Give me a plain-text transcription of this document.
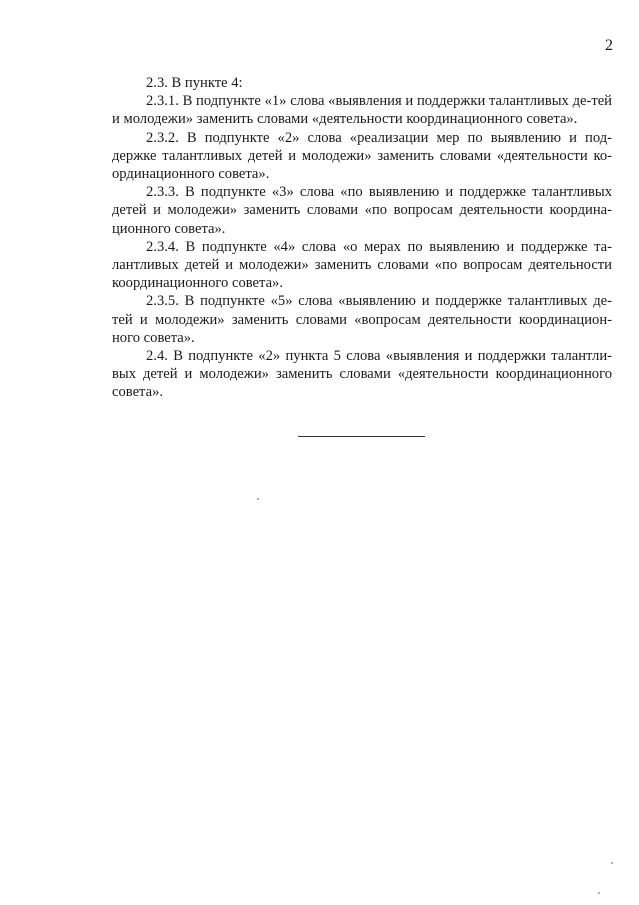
2

2.3. В пункте 4:

2.3.1. В подпункте «1» слова «выявления и поддержки талантливых де-тей и молодежи» заменить словами «деятельности координационного совета».

2.3.2. В подпункте «2» слова «реализации мер по выявлению и под-держке талантливых детей и молодежи» заменить словами «деятельности ко-ординационного совета».

2.3.3. В подпункте «3» слова «по выявлению и поддержке талантливых детей и молодежи» заменить словами «по вопросам деятельности координа-ционного совета».

2.3.4. В подпункте «4» слова «о мерах по выявлению и поддержке та-лантливых детей и молодежи» заменить словами «по вопросам деятельности координационного совета».

2.3.5. В подпункте «5» слова «выявлению и поддержке талантливых де-тей и молодежи» заменить словами «вопросам деятельности координацион-ного совета».

2.4. В подпункте «2» пункта 5 слова «выявления и поддержки талантли-вых детей и молодежи» заменить словами «деятельности координационного совета».
